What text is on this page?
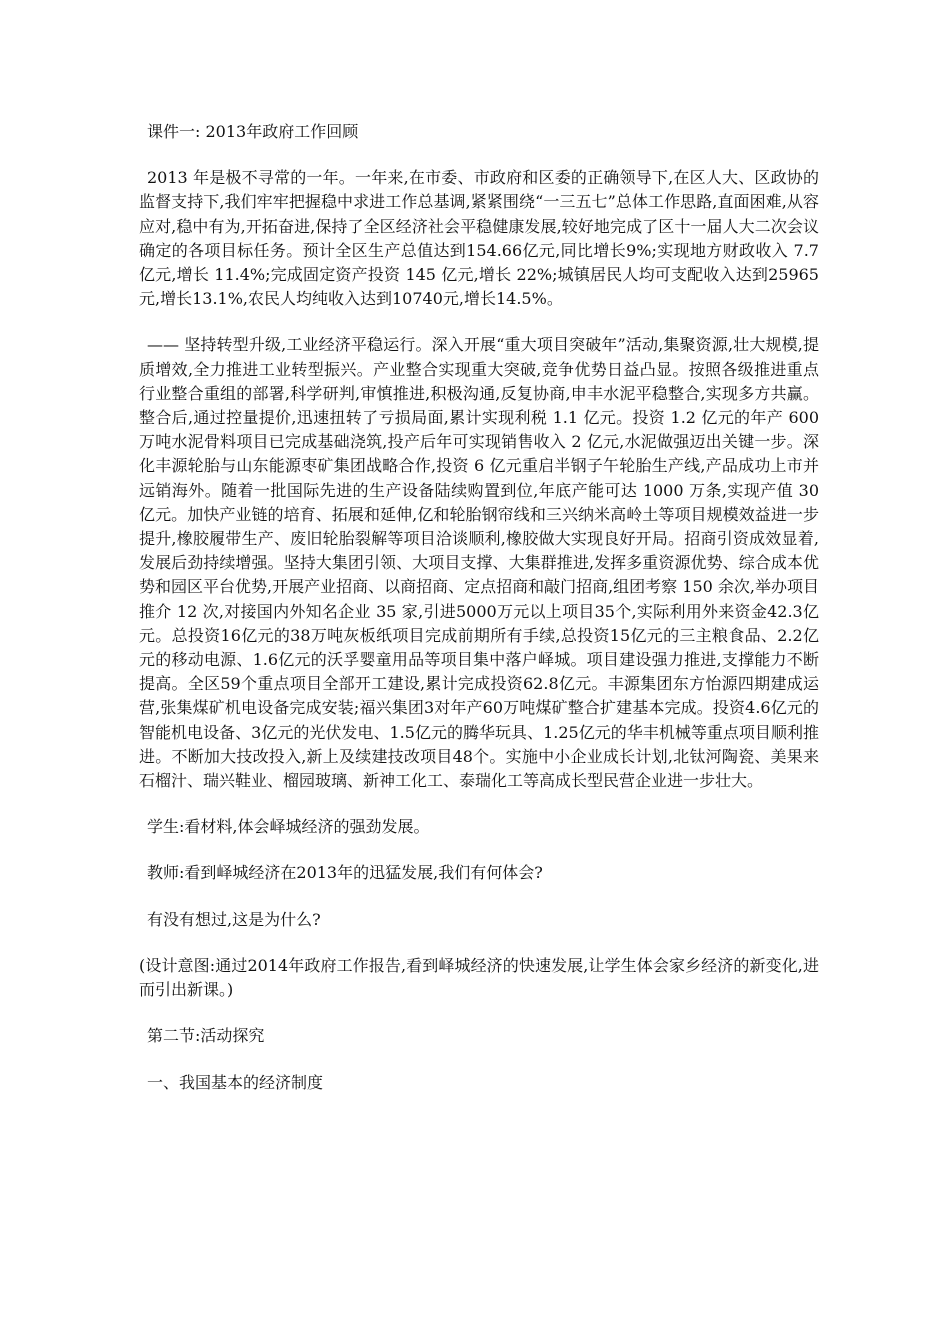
课件一: 2013年政府工作回顾

2013 年是极不寻常的一年。一年来,在市委、市政府和区委的正确领导下,在区人大、区政协的监督支持下,我们牢牢把握稳中求进工作总基调,紧紧围绕“一三五七”总体工作思路,直面困难,从容应对,稳中有为,开拓奋进,保持了全区经济社会平稳健康发展,较好地完成了区十一届人大二次会议确定的各项目标任务。预计全区生产总值达到154.66亿元,同比增长9%;实现地方财政收入 7.7 亿元,增长 11.4%;完成固定资产投资 145 亿元,增长 22%;城镇居民人均可支配收入达到25965元,增长13.1%,农民人均纯收入达到10740元,增长14.5%。

—— 坚持转型升级,工业经济平稳运行。深入开展“重大项目突破年”活动,集聚资源,壮大规模,提质增效,全力推进工业转型振兴。产业整合实现重大突破,竞争优势日益凸显。按照各级推进重点行业整合重组的部署,科学研判,审慎推进,积极沟通,反复协商,申丰水泥平稳整合,实现多方共赢。整合后,通过控量提价,迅速扭转了亏损局面,累计实现利税 1.1 亿元。投资 1.2 亿元的年产 600 万吨水泥骨料项目已完成基础浇筑,投产后年可实现销售收入 2 亿元,水泥做强迈出关键一步。深化丰源轮胎与山东能源枣矿集团战略合作,投资 6 亿元重启半钢子午轮胎生产线,产品成功上市并远销海外。随着一批国际先进的生产设备陆续购置到位,年底产能可达 1000 万条,实现产值 30 亿元。加快产业链的培育、拓展和延伸,亿和轮胎钢帘线和三兴纳米高岭土等项目规模效益进一步提升,橡胶履带生产、废旧轮胎裂解等项目洽谈顺利,橡胶做大实现良好开局。招商引资成效显着,发展后劲持续增强。坚持大集团引领、大项目支撑、大集群推进,发挥多重资源优势、综合成本优势和园区平台优势,开展产业招商、以商招商、定点招商和敲门招商,组团考察 150 余次,举办项目推介 12 次,对接国内外知名企业 35 家,引进5000万元以上项目35个,实际利用外来资金42.3亿元。总投资16亿元的38万吨灰板纸项目完成前期所有手续,总投资15亿元的三主粮食品、2.2亿元的移动电源、1.6亿元的沃孚婴童用品等项目集中落户峄城。项目建设强力推进,支撑能力不断提高。全区59个重点项目全部开工建设,累计完成投资62.8亿元。丰源集团东方怡源四期建成运营,张集煤矿机电设备完成安装;福兴集团3对年产60万吨煤矿整合扩建基本完成。投资4.6亿元的智能机电设备、3亿元的光伏发电、1.5亿元的腾华玩具、1.25亿元的华丰机械等重点项目顺利推进。不断加大技改投入,新上及续建技改项目48个。实施中小企业成长计划,北钛河陶瓷、美果来石榴汁、瑞兴鞋业、榴园玻璃、新神工化工、泰瑞化工等高成长型民营企业进一步壮大。

学生:看材料,体会峄城经济的强劲发展。

教师:看到峄城经济在2013年的迅猛发展,我们有何体会?

有没有想过,这是为什么?

(设计意图:通过2014年政府工作报告,看到峄城经济的快速发展,让学生体会家乡经济的新变化,进而引出新课。)

第二节:活动探究

一、我国基本的经济制度
